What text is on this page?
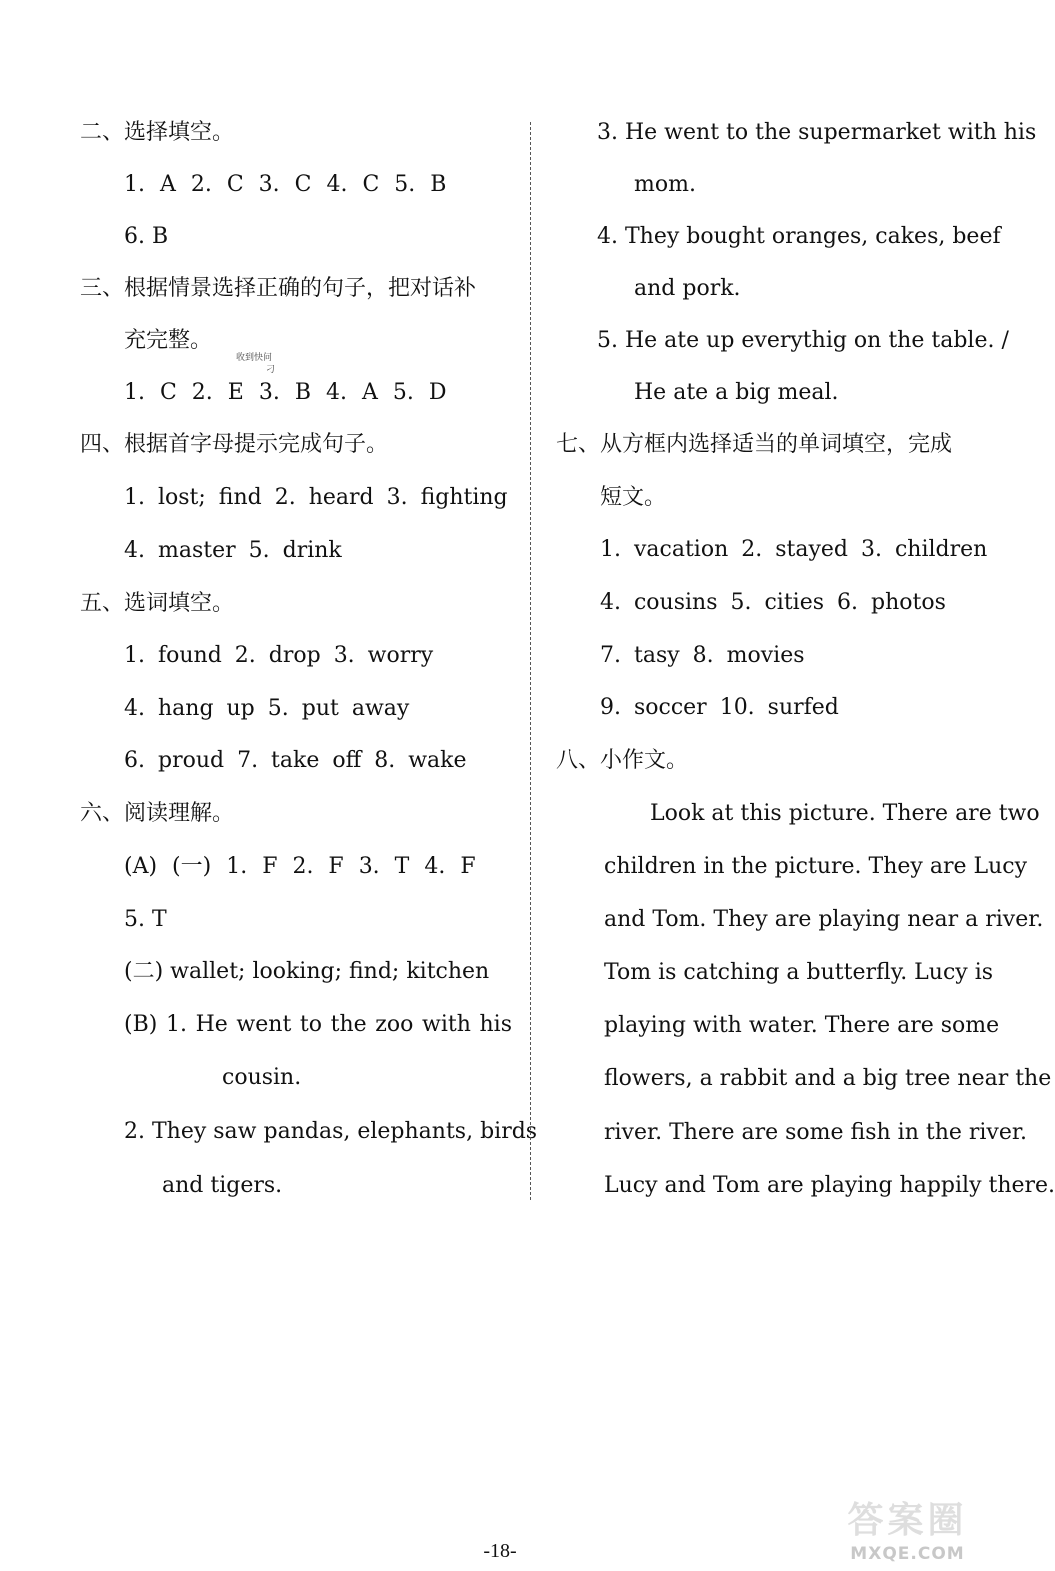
二、选择填空。
1. A 2. C 3. C 4. C 5. B
6. B
三、根据情景选择正确的句子，把对话补
充完整。
收到快问
刁
1. C 2. E 3. B 4. A 5. D
四、根据首字母提示完成句子。
1. lost; find 2. heard 3. fighting
4. master 5. drink
五、选词填空。
1. found 2. drop 3. worry
4. hang up 5. put away
6. proud 7. take off 8. wake
六、阅读理解。
(A) (一) 1. F 2. F 3. T 4. F
5. T
(二) wallet; looking; find; kitchen
(B) 1. He went to the zoo with his
cousin.
2. They saw pandas, elephants, birds
and tigers.
3. He went to the supermarket with his
mom.
4. They bought oranges, cakes, beef
and pork.
5. He ate up everythig on the table. /
He ate a big meal.
七、从方框内选择适当的单词填空，完成
短文。
1. vacation 2. stayed 3. children
4. cousins 5. cities 6. photos
7. tasy 8. movies
9. soccer 10. surfed
八、小作文。
Look at this picture. There are two
children in the picture. They are Lucy
and Tom. They are playing near a river.
Tom is catching a butterfly. Lucy is
playing with water. There are some
flowers, a rabbit and a big tree near the
river. There are some fish in the river.
Lucy and Tom are playing happily there.
-18-
答案圈
MXQE.COM
